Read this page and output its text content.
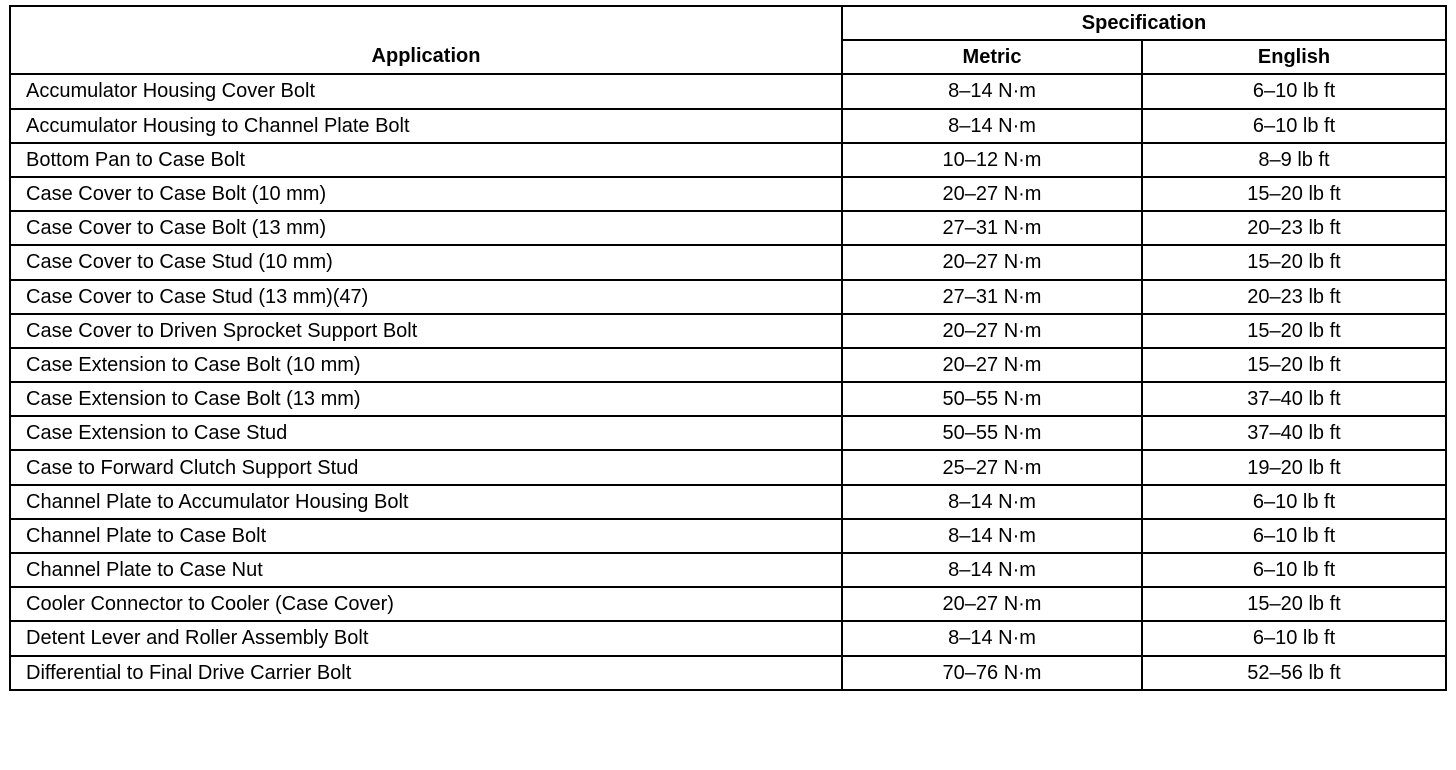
Application	Specification	
	Metric	English
Accumulator Housing Cover Bolt	8–14 N·m	6–10 lb ft
Accumulator Housing to Channel Plate Bolt	8–14 N·m	6–10 lb ft
Bottom Pan to Case Bolt	10–12 N·m	8–9 lb ft
Case Cover to Case Bolt (10 mm)	20–27 N·m	15–20 lb ft
Case Cover to Case Bolt (13 mm)	27–31 N·m	20–23 lb ft
Case Cover to Case Stud (10 mm)	20–27 N·m	15–20 lb ft
Case Cover to Case Stud (13 mm)(47)	27–31 N·m	20–23 lb ft
Case Cover to Driven Sprocket Support Bolt	20–27 N·m	15–20 lb ft
Case Extension to Case Bolt (10 mm)	20–27 N·m	15–20 lb ft
Case Extension to Case Bolt (13 mm)	50–55 N·m	37–40 lb ft
Case Extension to Case Stud	50–55 N·m	37–40 lb ft
Case to Forward Clutch Support Stud	25–27 N·m	19–20 lb ft
Channel Plate to Accumulator Housing Bolt	8–14 N·m	6–10 lb ft
Channel Plate to Case Bolt	8–14 N·m	6–10 lb ft
Channel Plate to Case Nut	8–14 N·m	6–10 lb ft
Cooler Connector to Cooler (Case Cover)	20–27 N·m	15–20 lb ft
Detent Lever and Roller Assembly Bolt	8–14 N·m	6–10 lb ft
Differential to Final Drive Carrier Bolt	70–76 N·m	52–56 lb ft
